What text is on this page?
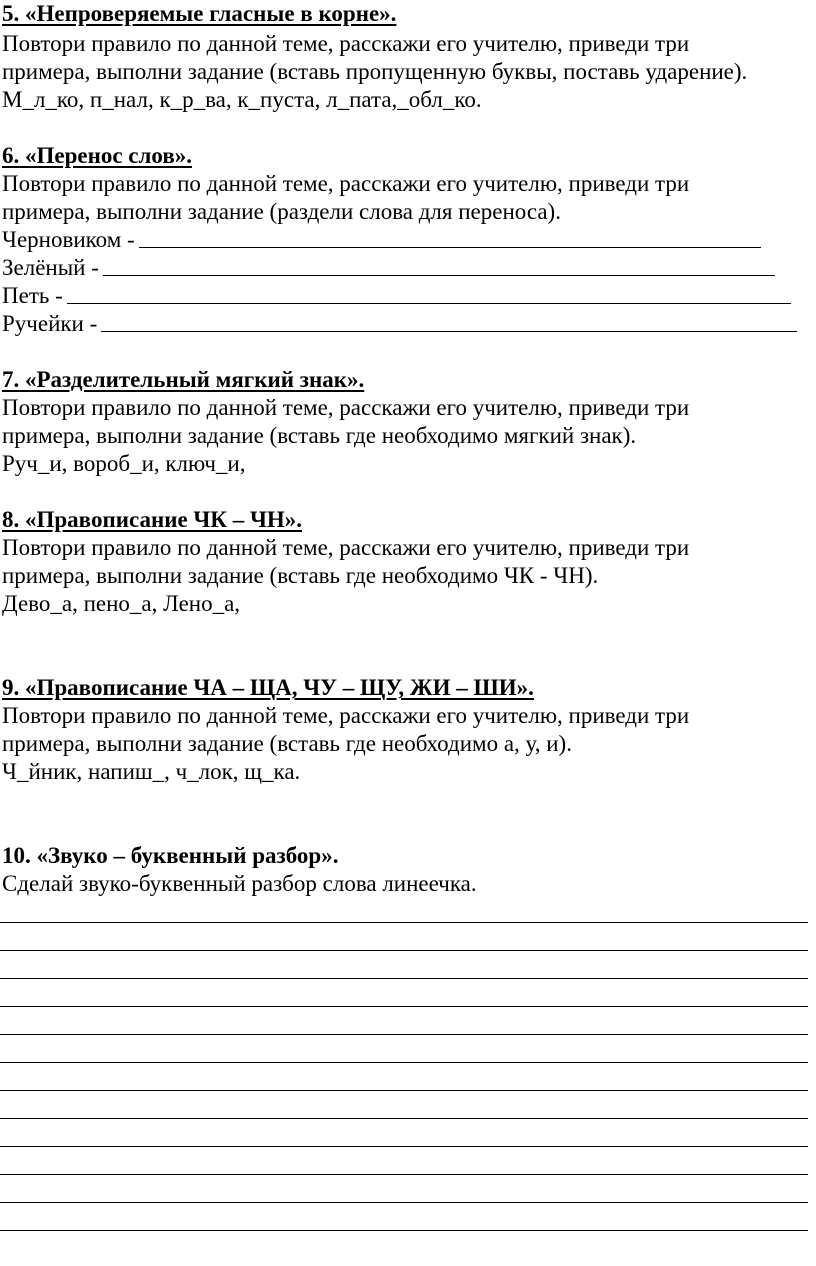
5. «Непроверяемые гласные в корне».
Повтори правило по данной теме, расскажи его учителю, приведи три
примера, выполни задание (вставь пропущенную буквы, поставь ударение).
М_л_ко, п_нал, к_р_ва, к_пуста, л_пата,_обл_ко.
6. «Перенос слов».
Повтори правило по данной теме, расскажи его учителю, приведи три
примера, выполни задание (раздели слова для переноса).
Черновиком -
Зелёный -
Петь -
Ручейки -
7. «Разделительный мягкий знак».
Повтори правило по данной теме, расскажи его учителю, приведи три
примера, выполни задание (вставь где необходимо мягкий знак).
Руч_и, вороб_и, ключ_и,
8. «Правописание ЧК – ЧН».
Повтори правило по данной теме, расскажи его учителю, приведи три
примера, выполни задание (вставь где необходимо ЧК - ЧН).
Дево_а, пено_а, Лено_а,
9. «Правописание ЧА – ЩА, ЧУ – ЩУ, ЖИ – ШИ».
Повтори правило по данной теме, расскажи его учителю, приведи три
примера, выполни задание (вставь где необходимо а, у, и).
Ч_йник, напиш_, ч_лок, щ_ка.
10. «Звуко – буквенный разбор».
Сделай звуко-буквенный разбор слова линеечка.
